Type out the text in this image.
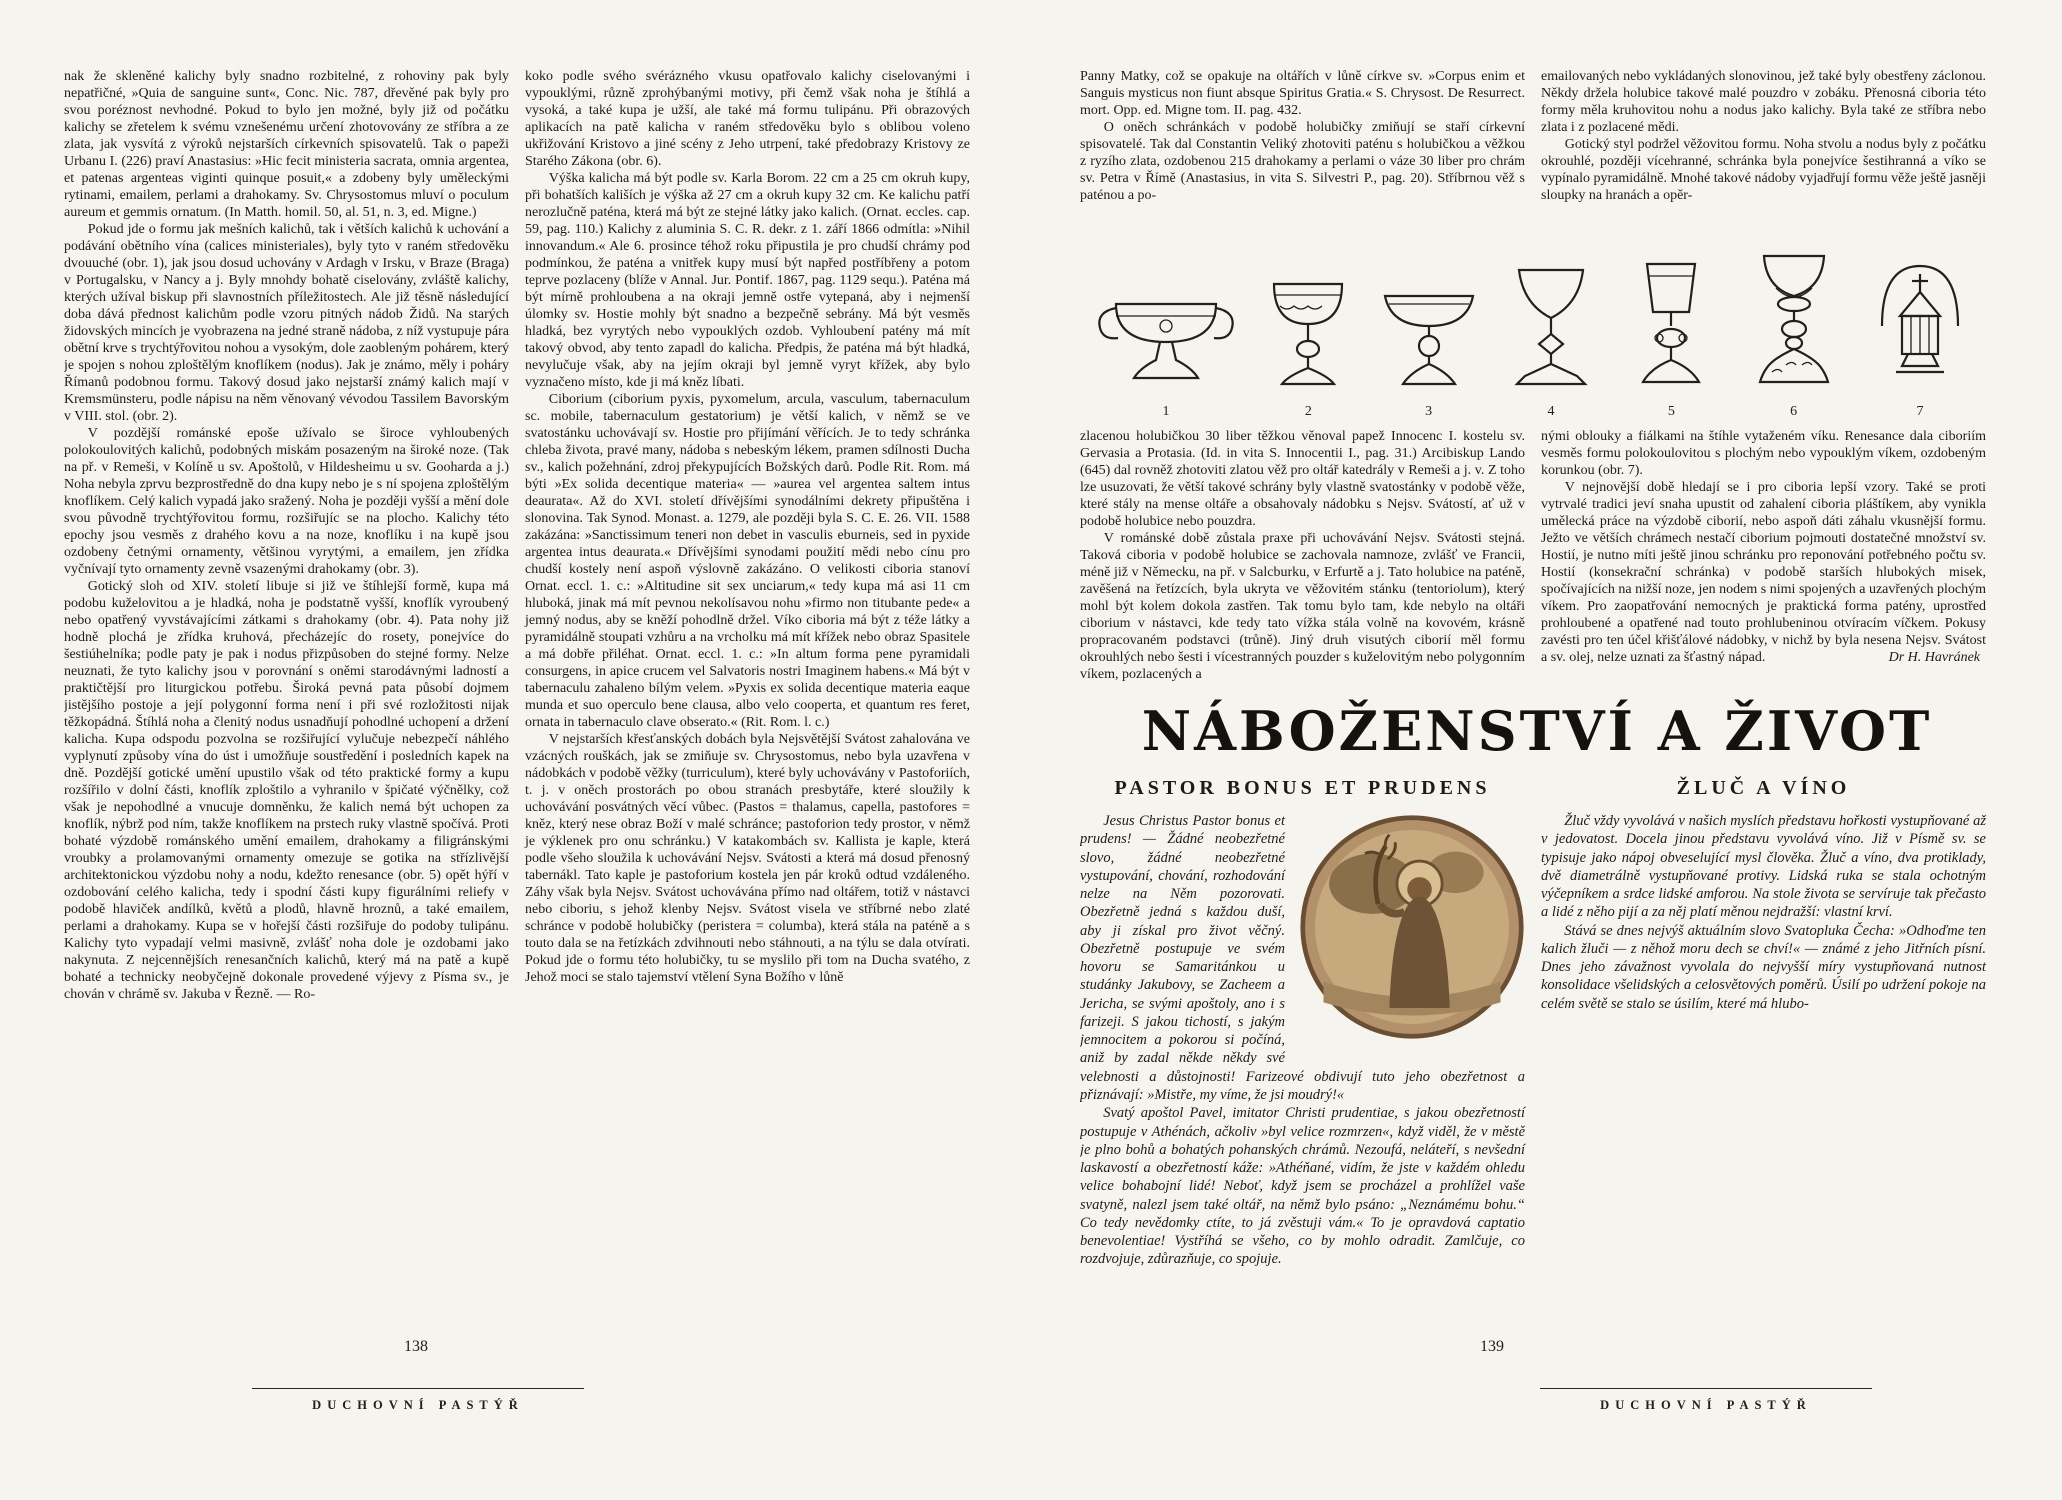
nak že skleněné kalichy byly snadno rozbitelné, z rohoviny pak byly nepatřičné, »Quia de sanguine sunt«, Conc. Nic. 787, dřevěné pak byly pro svou poréznost nevhodné. Pokud to bylo jen možné, byly již od počátku kalichy se zřetelem k svému vznešenému určení zhotovovány ze stříbra a ze zlata, jak vysvítá z výroků nejstarších církevních spisovatelů. Tak o papeži Urbanu I. (226) praví Anastasius: »Hic fecit ministeria sacrata, omnia argentea, et patenas argenteas viginti quinque posuit,« a zdobeny byly uměleckými rytinami, emailem, perlami a drahokamy. Sv. Chrysostomus mluví o poculum aureum et gemmis ornatum. (In Matth. homil. 50, al. 51, n. 3, ed. Migne.)

Pokud jde o formu jak mešních kalichů, tak i větších kalichů k uchování a podávání obětního vína (calices ministeriales), byly tyto v raném středověku dvouuché (obr. 1), jak jsou dosud uchovány v Ardagh v Irsku, v Braze (Braga) v Portugalsku, v Nancy a j. Byly mnohdy bohatě ciselovány, zvláště kalichy, kterých užíval biskup při slavnostních příležitostech. Ale již těsně následující doba dává přednost kalichům podle vzoru pitných nádob Židů. Na starých židovských mincích je vyobrazena na jedné straně nádoba, z níž vystupuje pára obětní krve s trychtýřovitou nohou a vysokým, dole zaobleným pohárem, který je spojen s nohou zploštělým knoflíkem (nodus). Jak je známo, měly i poháry Římanů podobnou formu. Takový dosud jako nejstarší známý kalich mají v Kremsmünsteru, podle nápisu na něm věnovaný vévodou Tassilem Bavorským v VIII. stol. (obr. 2).

V pozdější románské epoše užívalo se široce vyhloubených polokoulovitých kalichů, podobných miskám posazeným na široké noze. (Tak na př. v Remeši, v Kolíně u sv. Apoštolů, v Hildesheimu u sv. Gooharda a j.) Noha nebyla zprvu bezprostředně do dna kupy nebo je s ní spojena zploštělým knoflíkem. Celý kalich vypadá jako sražený. Noha je později vyšší a mění dole svou původně trychtýřovitou formu, rozšiřujíc se na plocho. Kalichy této epochy jsou vesměs z drahého kovu a na noze, knoflíku i na kupě jsou ozdobeny četnými ornamenty, většinou vyrytými, a emailem, jen zřídka vyčnívají tyto ornamenty zevně vsazenými drahokamy (obr. 3).

Gotický sloh od XIV. století libuje si již ve štíhlejší formě, kupa má podobu kuželovitou a je hladká, noha je podstatně vyšší, knoflík vyroubený nebo opatřený vyvstávajícími zátkami s drahokamy (obr. 4). Pata nohy již hodně plochá je zřídka kruhová, přecházejíc do rosety, ponejvíce do šestiúhelníka; podle paty je pak i nodus přizpůsoben do stejné formy. Nelze neuznati, že tyto kalichy jsou v porovnání s oněmi starodávnými ladností a praktičtější pro liturgickou potřebu. Široká pevná pata působí dojmem jistějšího postoje a její polygonní forma není i při své rozložitosti nijak těžkopádná. Štíhlá noha a členitý nodus usnadňují pohodlné uchopení a držení kalicha. Kupa odspodu pozvolna se rozšiřující vylučuje nebezpečí náhlého vyplynutí způsoby vína do úst i umožňuje soustředění i posledních kapek na dně. Pozdější gotické umění upustilo však od této praktické formy a kupu rozšířilo v dolní části, knoflík zploštilo a vyhranilo v špičaté výčnělky, což však je nepohodlné a vnucuje domněnku, že kalich nemá být uchopen za knoflík, nýbrž pod ním, takže knoflíkem na prstech ruky vlastně spočívá. Proti bohaté výzdobě románského umění emailem, drahokamy a filigránskými vroubky a prolamovanými ornamenty omezuje se gotika na střízlivější architektonickou výzdobu nohy a nodu, kdežto renesance (obr. 5) opět hýří v ozdobování celého kalicha, tedy i spodní části kupy figurálními reliefy v podobě hlaviček andílků, květů a plodů, hlavně hroznů, a také emailem, perlami a drahokamy. Kupa se v hořejší části rozšiřuje do podoby tulipánu. Kalichy tyto vypadají velmi masivně, zvlášť noha dole je ozdobami jako nakynuta. Z nejcennějších renesančních kalichů, který má na patě a kupě bohaté a technicky neobyčejně dokonale provedené výjevy z Písma sv., je chován v chrámě sv. Jakuba v Řezně. — Ro-

koko podle svého svérázného vkusu opatřovalo kalichy ciselovanými i vypouklými, různě zprohýbanými motivy, při čemž však noha je štíhlá a vysoká, a také kupa je užší, ale také má formu tulipánu. Při obrazových aplikacích na patě kalicha v raném středověku bylo s oblibou voleno ukřižování Kristovo a jiné scény z Jeho utrpení, také předobrazy Kristovy ze Starého Zákona (obr. 6).

Výška kalicha má být podle sv. Karla Borom. 22 cm a 25 cm okruh kupy, při bohatších kališích je výška až 27 cm a okruh kupy 32 cm. Ke kalichu patří nerozlučně paténa, která má být ze stejné látky jako kalich. (Ornat. eccles. cap. 59, pag. 110.) Kalichy z aluminia S. C. R. dekr. z 1. září 1866 odmítla: »Nihil innovandum.« Ale 6. prosince téhož roku připustila je pro chudší chrámy pod podmínkou, že paténa a vnitřek kupy musí být napřed postříbřeny a potom teprve pozlaceny (blíže v Annal. Jur. Pontif. 1867, pag. 1129 sequ.). Paténa má být mírně prohloubena a na okraji jemně ostře vytepaná, aby i nejmenší úlomky sv. Hostie mohly být snadno a bezpečně sebrány. Má být vesměs hladká, bez vyrytých nebo vypouklých ozdob. Vyhloubení patény má mít takový obvod, aby tento zapadl do kalicha. Předpis, že paténa má být hladká, nevylučuje však, aby na jejím okraji byl jemně vyryt křížek, aby bylo vyznačeno místo, kde ji má kněz líbati.

Ciborium (ciborium pyxis, pyxomelum, arcula, vasculum, tabernaculum sc. mobile, tabernaculum gestatorium) je větší kalich, v němž se ve svatostánku uchovávají sv. Hostie pro přijímání věřících. Je to tedy schránka chleba života, pravé many, nádoba s nebeským lékem, pramen sdílnosti Ducha sv., kalich požehnání, zdroj překypujících Božských darů. Podle Rit. Rom. má býti »Ex solida decentique materia« — »aurea vel argentea saltem intus deaurata«. Až do XVI. století dřívějšími synodálními dekrety připuštěna i slonovina. Tak Synod. Monast. a. 1279, ale později byla S. C. E. 26. VII. 1588 zakázána: »Sanctissimum teneri non debet in vasculis eburneis, sed in pyxide argentea intus deaurata.« Dřívějšími synodami použití mědi nebo cínu pro chudší kostely není aspoň výslovně zakázáno. O velikosti ciboria stanoví Ornat. eccl. 1. c.: »Altitudine sit sex unciarum,« tedy kupa má asi 11 cm hluboká, jinak má mít pevnou nekolísavou nohu »firmo non titubante pede« a jemný nodus, aby se kněží pohodlně držel. Víko ciboria má být z téže látky a pyramidálně stoupati vzhůru a na vrcholku má mít křížek nebo obraz Spasitele a má dobře přiléhat. Ornat. eccl. 1. c.: »In altum forma pene pyramidali consurgens, in apice crucem vel Salvatoris nostri Imaginem habens.« Má být v tabernaculu zahaleno bílým velem. »Pyxis ex solida decentique materia eaque munda et suo operculo bene clausa, albo velo cooperta, et quantum res feret, ornata in tabernaculo clave obserato.« (Rit. Rom. l. c.)

V nejstarších křesťanských dobách byla Nejsvětější Svátost zahalována ve vzácných rouškách, jak se zmiňuje sv. Chrysostomus, nebo byla uzavřena v nádobkách v podobě věžky (turriculum), které byly uchovávány v Pastoforiích, t. j. v oněch prostorách po obou stranách presbytáře, které sloužily k uchovávání posvátných věcí vůbec. (Pastos = thalamus, capella, pastofores = kněz, který nese obraz Boží v malé schránce; pastoforion tedy prostor, v němž je výklenek pro onu schránku.) V katakombách sv. Kallista je kaple, která podle všeho sloužila k uchovávání Nejsv. Svátosti a která má dosud přenosný tabernákl. Tato kaple je pastoforium kostela jen pár kroků odtud vzdáleného. Záhy však byla Nejsv. Svátost uchovávána přímo nad oltářem, totiž v nástavci nebo ciboriu, s jehož klenby Nejsv. Svátost visela ve stříbrné nebo zlaté schránce v podobě holubičky (peristera = columba), která stála na paténě a s touto dala se na řetízkách zdvihnouti nebo stáhnouti, a na týlu se dala otvírati. Pokud jde o formu této holubičky, tu se myslilo při tom na Ducha svatého, z Jehož moci se stalo tajemství vtělení Syna Božího v lůně

Panny Matky, což se opakuje na oltářích v lůně církve sv. »Corpus enim et Sanguis mysticus non fiunt absque Spiritus Gratia.« S. Chrysost. De Resurrect. mort. Opp. ed. Migne tom. II. pag. 432.

O oněch schránkách v podobě holubičky zmiňují se staří církevní spisovatelé. Tak dal Constantin Veliký zhotoviti paténu s holubičkou a věžkou z ryzího zlata, ozdobenou 215 drahokamy a perlami o váze 30 liber pro chrám sv. Petra v Římě (Anastasius, in vita S. Silvestri P., pag. 20). Stříbrnou věž s paténou a po-

emailovaných nebo vykládaných slonovinou, jež také byly obestřeny záclonou. Někdy držela holubice takové malé pouzdro v zobáku. Přenosná ciboria této formy měla kruhovitou nohu a nodus jako kalichy. Byla také ze stříbra nebo zlata i z pozlacené mědi.

Gotický styl podržel věžovitou formu. Noha stvolu a nodus byly z počátku okrouhlé, později vícehranné, schránka byla ponejvíce šestihranná a víko se vypínalo pyramidálně. Mnohé takové nádoby vyjadřují formu věže ještě jasněji sloupky na hranách a opěr-

1	2	3	4	5	6	7

zlacenou holubičkou 30 liber těžkou věnoval papež Innocenc I. kostelu sv. Gervasia a Protasia. (Id. in vita S. Innocentii I., pag. 31.) Arcibiskup Lando (645) dal rovněž zhotoviti zlatou věž pro oltář katedrály v Remeši a j. v. Z toho lze usuzovati, že větší takové schrány byly vlastně svatostánky v podobě věže, které stály na mense oltáře a obsahovaly nádobku s Nejsv. Svátostí, ať už v podobě holubice nebo pouzdra.

V románské době zůstala praxe při uchovávání Nejsv. Svátosti stejná. Taková ciboria v podobě holubice se zachovala namnoze, zvlášť ve Francii, méně již v Německu, na př. v Salcburku, v Erfurtě a j. Tato holubice na paténě, zavěšená na řetízcích, byla ukryta ve věžovitém stánku (tentoriolum), který mohl být kolem dokola zastřen. Tak tomu bylo tam, kde nebylo na oltáři ciborium v nástavci, kde tedy tato vížka stála volně na kovovém, krásně propracovaném podstavci (trůně). Jiný druh visutých ciborií měl formu okrouhlých nebo šesti i vícestranných pouzder s kuželovitým nebo polygonním víkem, pozlacených a

nými oblouky a fiálkami na štíhle vytaženém víku. Renesance dala ciboriím vesměs formu polokoulovitou s plochým nebo vypouklým víkem, ozdobeným korunkou (obr. 7).

V nejnovější době hledají se i pro ciboria lepší vzory. Také se proti vytrvalé tradici jeví snaha upustit od zahalení ciboria pláštíkem, aby vynikla umělecká práce na výzdobě ciborií, nebo aspoň dáti záhalu vkusnější formu. Ježto ve větších chrámech nestačí ciborium pojmouti dostatečné množství sv. Hostií, je nutno míti ještě jinou schránku pro reponování potřebného počtu sv. Hostií (konsekrační schránka) v podobě starších hlubokých misek, spočívajících na nižší noze, jen nodem s nimi spojených a uzavřených plochým víkem. Pro zaopatřování nemocných je praktická forma patény, uprostřed prohloubené a opatřené nad touto prohlubeninou otvíracím víčkem. Pokusy zavésti pro ten účel křišťálové nádobky, v nichž by byla nesena Nejsv. Svátost a sv. olej, nelze uznati za šťastný nápad.	Dr H. Havránek
NÁBOŽENSTVÍ A ŽIVOT
PASTOR BONUS ET PRUDENS	ŽLUČ A VÍNO

Jesus Christus Pastor bonus et prudens! — Žádné neobezřetné slovo, žádné neobezřetné vystupování, chování, rozhodování nelze na Něm pozorovati. Obezřetně jedná s každou duší, aby ji získal pro život věčný. Obezřetně postupuje ve svém hovoru se Samaritánkou u studánky Jakubovy, se Zacheem a Jericha, se svými apoštoly, ano i s farizeji. S jakou tichostí, s jakým jemnocitem a pokorou si počíná, aniž by zadal někde někdy své velebnosti a důstojnosti! Farizeové obdivují tuto jeho obezřetnost a přiznávají: »Mistře, my víme, že jsi moudrý!«

Svatý apoštol Pavel, imitator Christi prudentiae, s jakou obezřetností postupuje v Athénách, ačkoliv »byl velice rozmrzen«, když viděl, že v městě je plno bohů a bohatých pohanských chrámů. Nezoufá, neláteří, s nevšední laskavostí a obezřetností káže: »Athéňané, vidím, že jste v každém ohledu velice bohabojní lidé! Neboť, když jsem se procházel a prohlížel vaše svatyně, nalezl jsem také oltář, na němž bylo psáno: „Neznámému bohu.“ Co tedy nevědomky ctíte, to já zvěstuji vám.« To je opravdová captatio benevolentiae! Vystříhá se všeho, co by mohlo odradit. Zamlčuje, co rozdvojuje, zdůrazňuje, co spojuje.

Žluč vždy vyvolává v našich myslích představu hořkosti vystupňované až v jedovatost. Docela jinou představu vyvolává víno. Již v Písmě sv. se typisuje jako nápoj obveselující mysl člověka. Žluč a víno, dva protiklady, dvě diametrálně vystupňované protivy. Lidská ruka se stala ochotným výčepníkem a srdce lidské amforou. Na stole života se servíruje tak přečasto a lidé z něho pijí a za něj platí měnou nejdražší: vlastní krví.

Stává se dnes nejvýš aktuálním slovo Svatopluka Čecha: »Odhoďme ten kalich žluči — z něhož moru dech se chví!« — známé z jeho Jitřních písní. Dnes jeho závažnost vyvolala do nejvyšší míry vystupňovaná nutnost konsolidace všelidských a celosvětových poměrů. Úsilí po udržení pokoje na celém světě se stalo se úsilím, které má hlubo-

138	139
DUCHOVNÍ PASTÝŘ	DUCHOVNÍ PASTÝŘ
